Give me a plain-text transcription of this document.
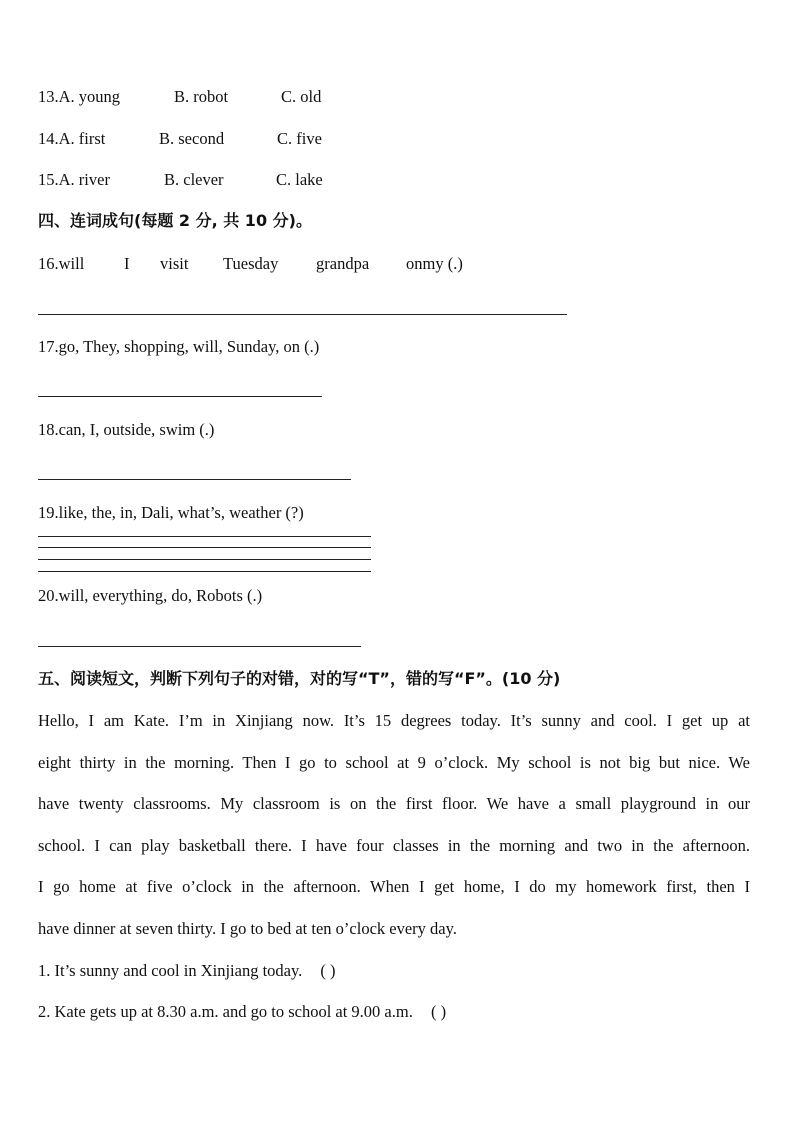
13.A. young	B. robot	C. old
14.A. first	B. second	C. five
15.A. river	B. clever	C. lake
四、连词成句(每题 2 分, 共 10 分)。
16.will I visit Tuesday grandpa onmy (.)
17.go, They, shopping, will, Sunday, on (.)
18.can, I, outside, swim (.)
19.like, the, in, Dali, what’s, weather (?)
20.will, everything, do, Robots (.)
五、阅读短文，判断下列句子的对错，对的写“T”，错的写“F”。(10 分)
Hello, I am Kate. I’m in Xinjiang now. It’s 15 degrees today. It’s sunny and cool. I get up at
eight thirty in the morning. Then I go to school at 9 o’clock. My school is not big but nice. We
have twenty classrooms. My classroom is on the first floor. We have a small playground in our
school. I can play basketball there. I have four classes in the morning and two in the afternoon.
I go home at five o’clock in the afternoon. When I get home, I do my homework first, then I
have dinner at seven thirty. I go to bed at ten o’clock every day.
1. It’s sunny and cool in Xinjiang today. ( )
2. Kate gets up at 8.30 a.m. and go to school at 9.00 a.m. ( )
